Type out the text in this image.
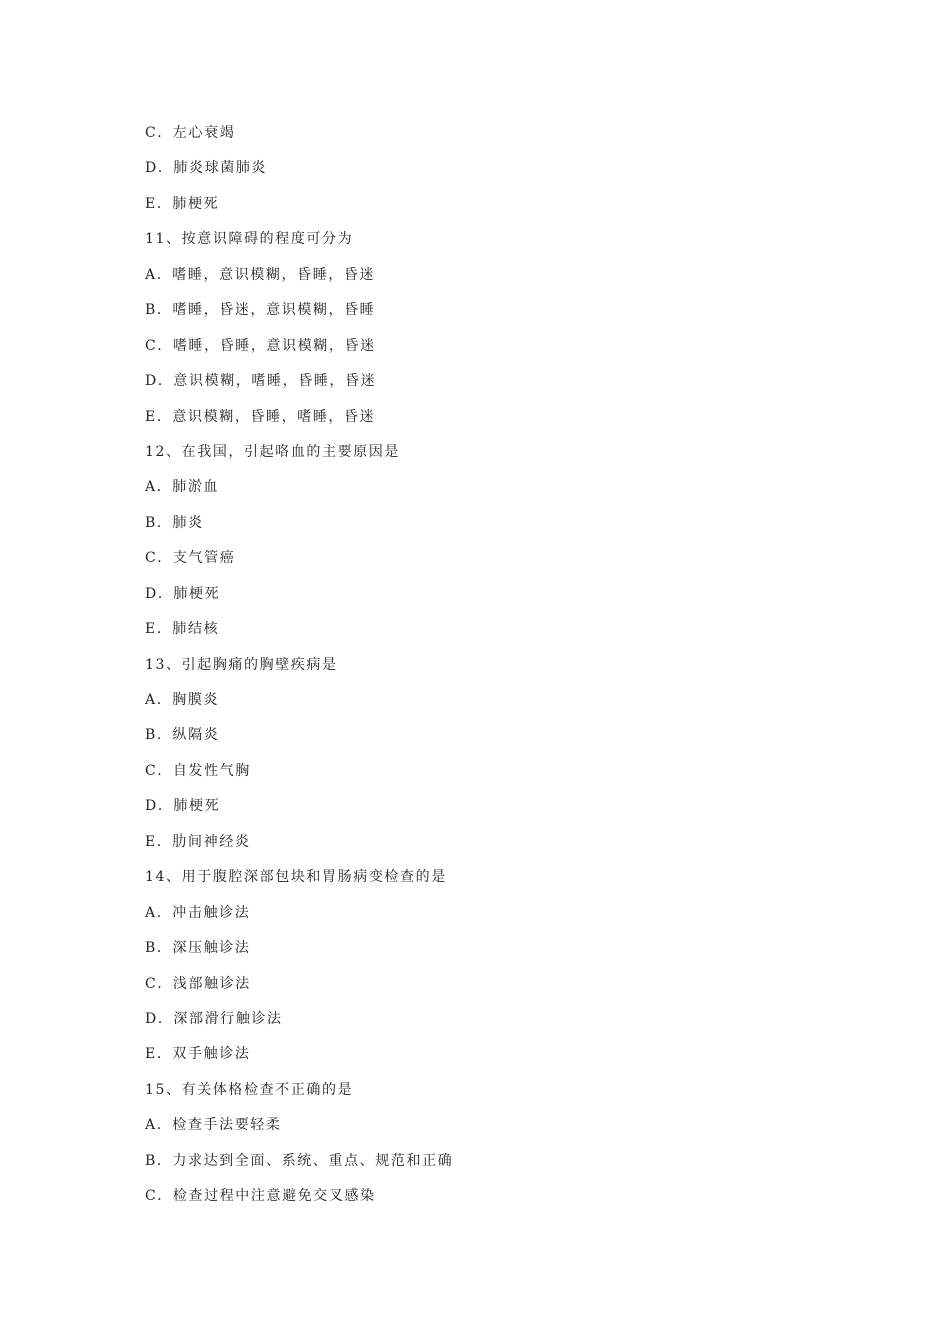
C．左心衰竭
D．肺炎球菌肺炎
E．肺梗死
11、按意识障碍的程度可分为
A．嗜睡，意识模糊，昏睡，昏迷
B．嗜睡，昏迷，意识模糊，昏睡
C．嗜睡，昏睡，意识模糊，昏迷
D．意识模糊，嗜睡，昏睡，昏迷
E．意识模糊，昏睡，嗜睡，昏迷
12、在我国，引起咯血的主要原因是
A．肺淤血
B．肺炎
C．支气管癌
D．肺梗死
E．肺结核
13、引起胸痛的胸壁疾病是
A．胸膜炎
B．纵隔炎
C．自发性气胸
D．肺梗死
E．肋间神经炎
14、用于腹腔深部包块和胃肠病变检查的是
A．冲击触诊法
B．深压触诊法
C．浅部触诊法
D．深部滑行触诊法
E．双手触诊法
15、有关体格检查不正确的是
A．检查手法要轻柔
B．力求达到全面、系统、重点、规范和正确
C．检查过程中注意避免交叉感染
